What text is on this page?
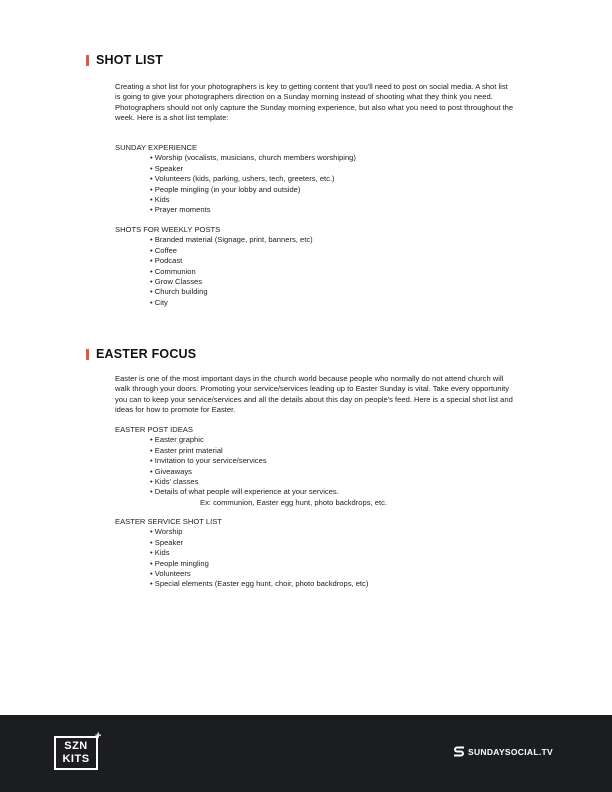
SHOT LIST
Creating a shot list for your photographers is key to getting content that you'll need to post on social media. A shot list is going to give your photographers direction on a Sunday morning instead of shooting what they think you need. Photographers should not only capture the Sunday morning experience, but also what you need to post throughout the week. Here is a shot list template:
SUNDAY EXPERIENCE
• Worship (vocalists, musicians, church members worshiping)
• Speaker
• Volunteers (kids, parking, ushers, tech, greeters, etc.)
• People mingling (in your lobby and outside)
• Kids
• Prayer moments
SHOTS FOR WEEKLY POSTS
• Branded material (Signage, print, banners, etc)
• Coffee
• Podcast
• Communion
• Grow Classes
• Church building
• City
EASTER FOCUS
Easter is one of the most important days in the church world because people who normally do not attend church will walk through your doors. Promoting your service/services leading up to Easter Sunday is vital. Take every opportunity you can to keep your service/services and all the details about this day on people's feed. Here is a special shot list and ideas for how to promote for Easter.
EASTER POST IDEAS
• Easter graphic
• Easter print material
• Invitation to your service/services
• Giveaways
• Kids' classes
• Details of what people will experience at your services.
Ex: communion, Easter egg hunt, photo backdrops, etc.
EASTER SERVICE SHOT LIST
• Worship
• Speaker
• Kids
• People mingling
• Volunteers
• Special elements (Easter egg hunt, choir, photo backdrops, etc)
SZN
KITS
+
SUNDAYSOCIAL.TV
